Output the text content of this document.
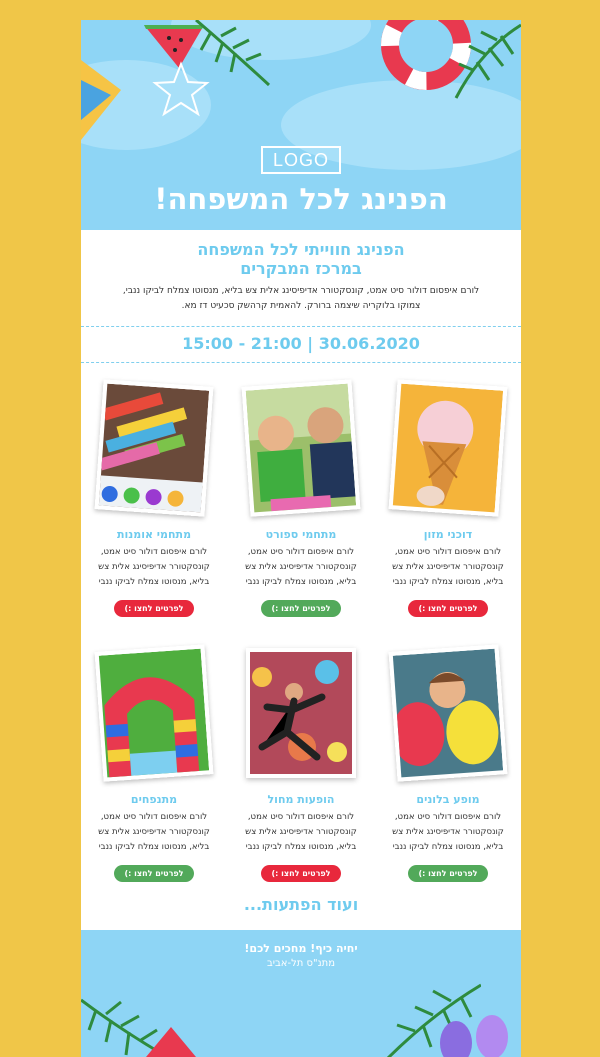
LOGO
הפנינג לכל המשפחה!
הפנינג חווייתי לכל המשפחה
במרכז המבקרים

לורם איפסום דולור סיט אמט, קונסקטורר אדיפיסינג אלית צש בליא, מנסוטו צמלח לביקו ננבי,
צמוקו בלוקריה שיצמה ברורק. להאמית קרהשק סכעיט דז מא.

15:00 - 21:00 | 30.06.2020
מתחמי אומנות

לורם איפסום דולור סיט אמט, קונסקטורר אדיפיסינג אלית צש בליא, מנסוטו צמלח לביקו ננבי

לפרטים לחצו :)
מתחמי ספורט

לורם איפסום דולור סיט אמט, קונסקטורר אדיפיסינג אלית צש בליא, מנסוטו צמלח לביקו ננבי

לפרטים לחצו :)
דוכני מזון

לורם איפסום דולור סיט אמט, קונסקטורר אדיפיסינג אלית צש בליא, מנסוטו צמלח לביקו ננבי

לפרטים לחצו :)
מתנפחים

לורם איפסום דולור סיט אמט, קונסקטורר אדיפיסינג אלית צש בליא, מנסוטו צמלח לביקו ננבי

לפרטים לחצו :)
הופעות מחול

לורם איפסום דולור סיט אמט, קונסקטורר אדיפיסינג אלית צש בליא, מנסוטו צמלח לביקו ננבי

לפרטים לחצו :)
מופע בלונים

לורם איפסום דולור סיט אמט, קונסקטורר אדיפיסינג אלית צש בליא, מנסוטו צמלח לביקו ננבי

לפרטים לחצו :)
ועוד הפתעות...
יחיה כיף! מחכים לכם!
מתנ"ס תל-אביב
